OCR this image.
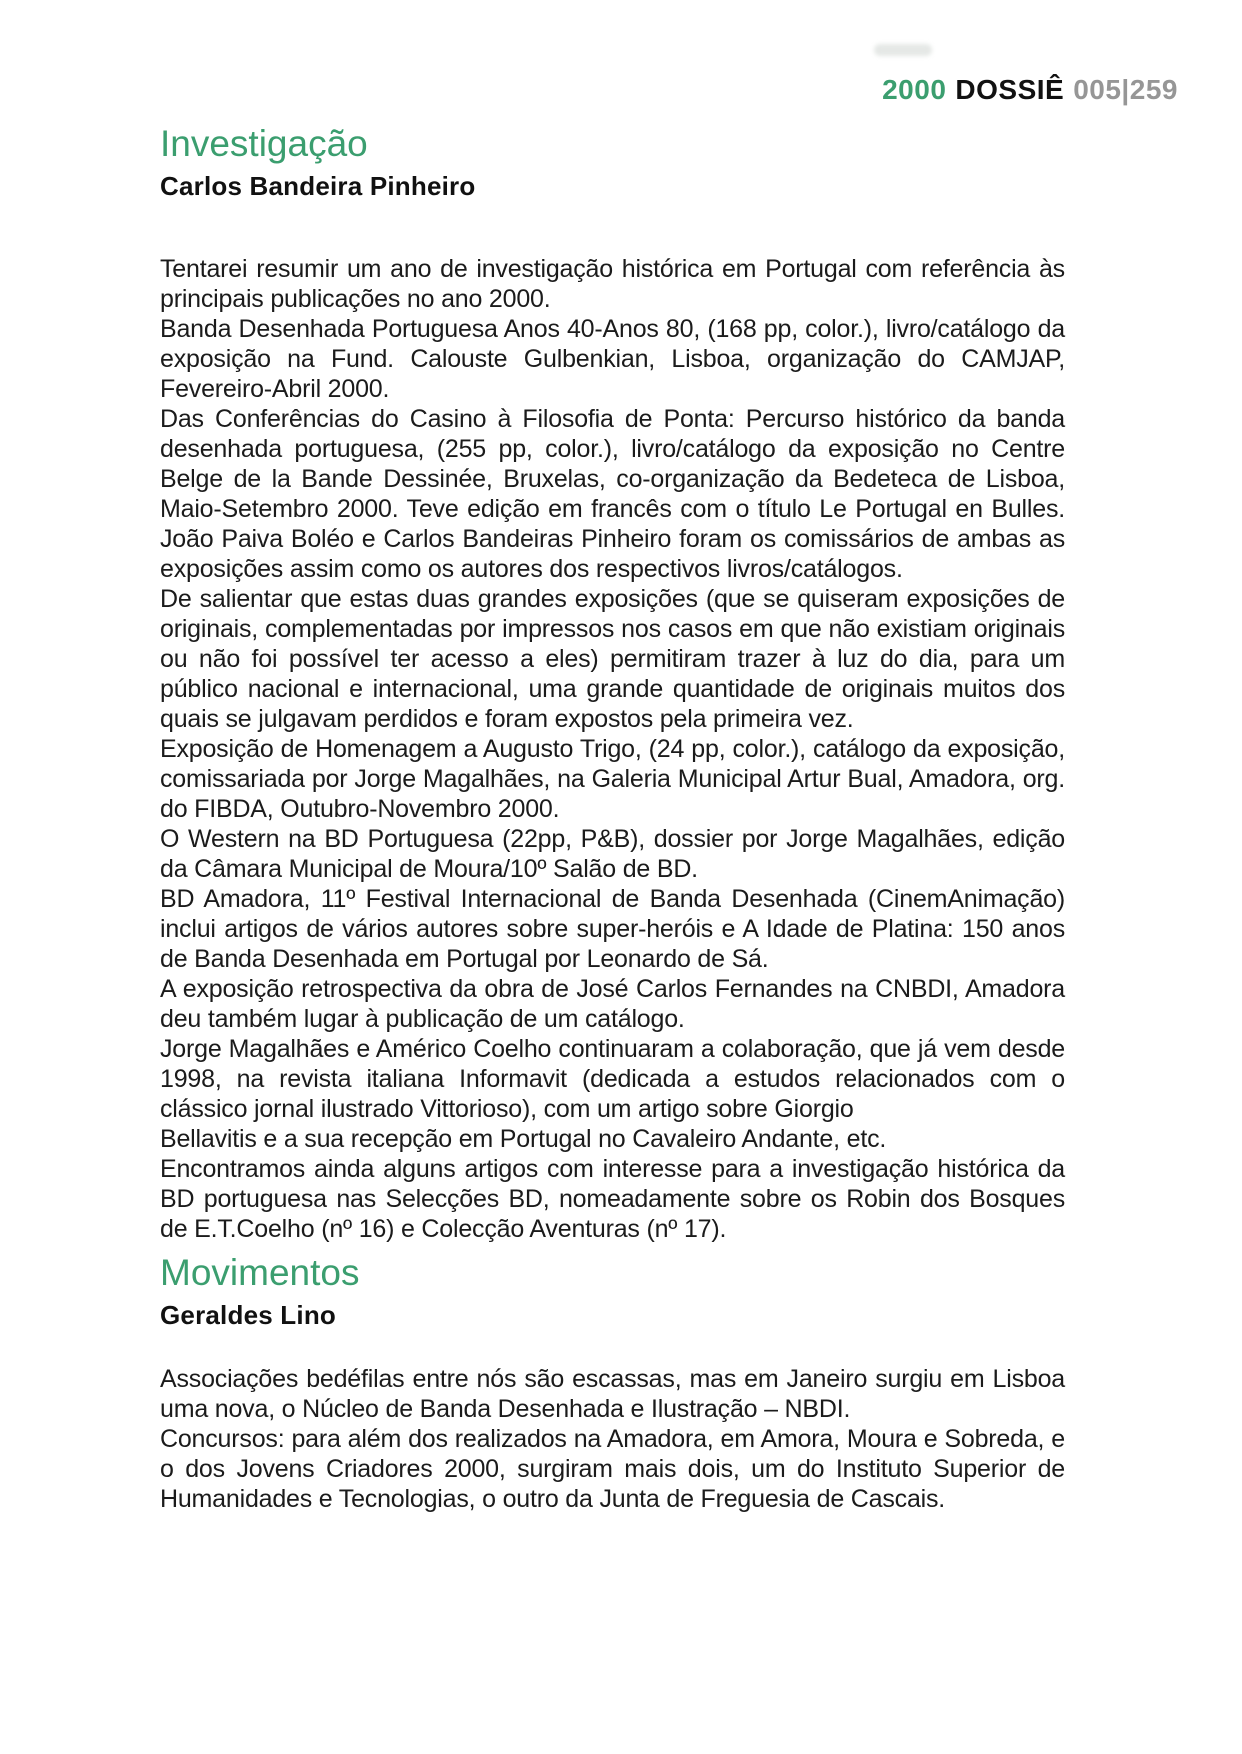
2000 DOSSIÊ 005|259
Investigação
Carlos Bandeira Pinheiro

Tentarei resumir um ano de investigação histórica em Portugal com referência às principais publicações no ano 2000.

Banda Desenhada Portuguesa Anos 40-Anos 80, (168 pp, color.), livro/catálogo da exposição na Fund. Calouste Gulbenkian, Lisboa, organização do CAMJAP, Fevereiro-Abril 2000.

Das Conferências do Casino à Filosofia de Ponta: Percurso histórico da banda desenhada portuguesa, (255 pp, color.), livro/catálogo da exposição no Centre Belge de la Bande Dessinée, Bruxelas, co-organização da Bedeteca de Lisboa, Maio-Setembro 2000. Teve edição em francês com o título Le Portugal en Bulles. João Paiva Boléo e Carlos Bandeiras Pinheiro foram os comissários de ambas as exposições assim como os autores dos respectivos livros/catálogos.

De salientar que estas duas grandes exposições (que se quiseram exposições de originais, complementadas por impressos nos casos em que não existiam originais ou não foi possível ter acesso a eles) permitiram trazer à luz do dia, para um público nacional e internacional, uma grande quantidade de originais muitos dos quais se julgavam perdidos e foram expostos pela primeira vez.

Exposição de Homenagem a Augusto Trigo, (24 pp, color.), catálogo da exposição, comissariada por Jorge Magalhães, na Galeria Municipal Artur Bual, Amadora, org. do FIBDA, Outubro-Novembro 2000.

O Western na BD Portuguesa (22pp, P&B), dossier por Jorge Magalhães, edição da Câmara Municipal de Moura/10º Salão de BD.

BD Amadora, 11º Festival Internacional de Banda Desenhada (CinemAnimação) inclui artigos de vários autores sobre super-heróis e A Idade de Platina: 150 anos de Banda Desenhada em Portugal por Leonardo de Sá.

A exposição retrospectiva da obra de José Carlos Fernandes na CNBDI, Amadora deu também lugar à publicação de um catálogo.

Jorge Magalhães e Américo Coelho continuaram a colaboração, que já vem desde 1998, na revista italiana Informavit (dedicada a estudos relacionados com o clássico jornal ilustrado Vittorioso), com um artigo sobre Giorgio

Bellavitis e a sua recepção em Portugal no Cavaleiro Andante, etc.

Encontramos ainda alguns artigos com interesse para a investigação histórica da BD portuguesa nas Selecções BD, nomeadamente sobre os Robin dos Bosques de E.T.Coelho (nº 16) e Colecção Aventuras (nº 17).

Movimentos
Geraldes Lino

Associações bedéfilas entre nós são escassas, mas em Janeiro surgiu em Lisboa uma nova, o Núcleo de Banda Desenhada e Ilustração – NBDI.

Concursos: para além dos realizados na Amadora, em Amora, Moura e Sobreda, e o dos Jovens Criadores 2000, surgiram mais dois, um do Instituto Superior de Humanidades e Tecnologias, o outro da Junta de Freguesia de Cascais.
